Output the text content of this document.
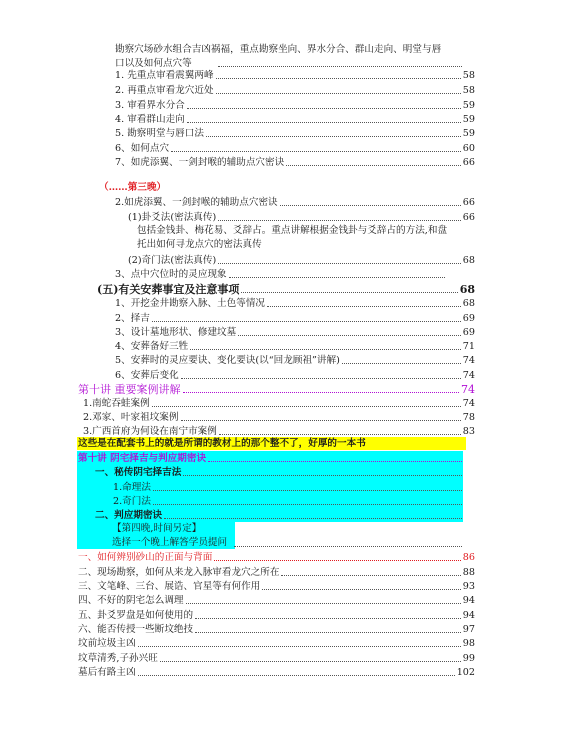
勘察穴场砂水组合吉凶祸福，重点勘察坐向、界水分合、群山走向、明堂与唇
口以及如何点穴等
1. 先重点审看震翼两峰	58
2. 再重点审看龙穴近处	58
3. 审看界水分合	59
4. 审看群山走向	59
5. 勘察明堂与唇口法	59
6、如何点穴	60
7、如虎添翼、一剑封喉的辅助点穴密诀	66
（……第三晚）
2.如虎添翼、一剑封喉的辅助点穴密诀	66
(1)卦爻法(密法真传)	66
包括金钱卦、梅花易、爻辞占。重点讲解根据金钱卦与爻辞占的方法,和盘
托出如何寻龙点穴的密法真传
(2)奇门法(密法真传)	68
3、点中穴位时的灵应现象
(五)有关安葬事宜及注意事项	68
1、开挖金井勘察入脉、土色等情况	68
2、择吉	69
3、设计墓地形状、修建坟墓	69
4、安葬备好三牲	71
5、安葬时的灵应要诀、变化要诀(以“回龙顾祖”讲解)	74
6、安葬后变化	74
第十讲 重要案例讲解	74
1.南蛇吞蛙案例	74
2.邓家、叶家祖坟案例	78
3.广西首府为何设在南宁市案例	83
这些是在配套书上的就是所谓的教材上的那个整不了，好厚的一本书
第十讲 阴宅择吉与判应期密诀
一、秘传阴宅择吉法
1.命理法
2.奇门法
二、判应期密诀
【第四晚,时间另定】
选择一个晚上解答学员提问
一、如何辨别砂山的正面与背面	86
二、现场勘察，如何从来龙入脉审看龙穴之所在	88
三、文笔峰、三台、展诰、官星等有何作用	93
四、不好的阴宅怎么调理	94
五、卦爻罗盘是如何使用的	94
六、能否传授一些断坟绝技	97
坟前垃圾主凶	98
坟草清秀,子孙兴旺	99
墓后有路主凶	102
